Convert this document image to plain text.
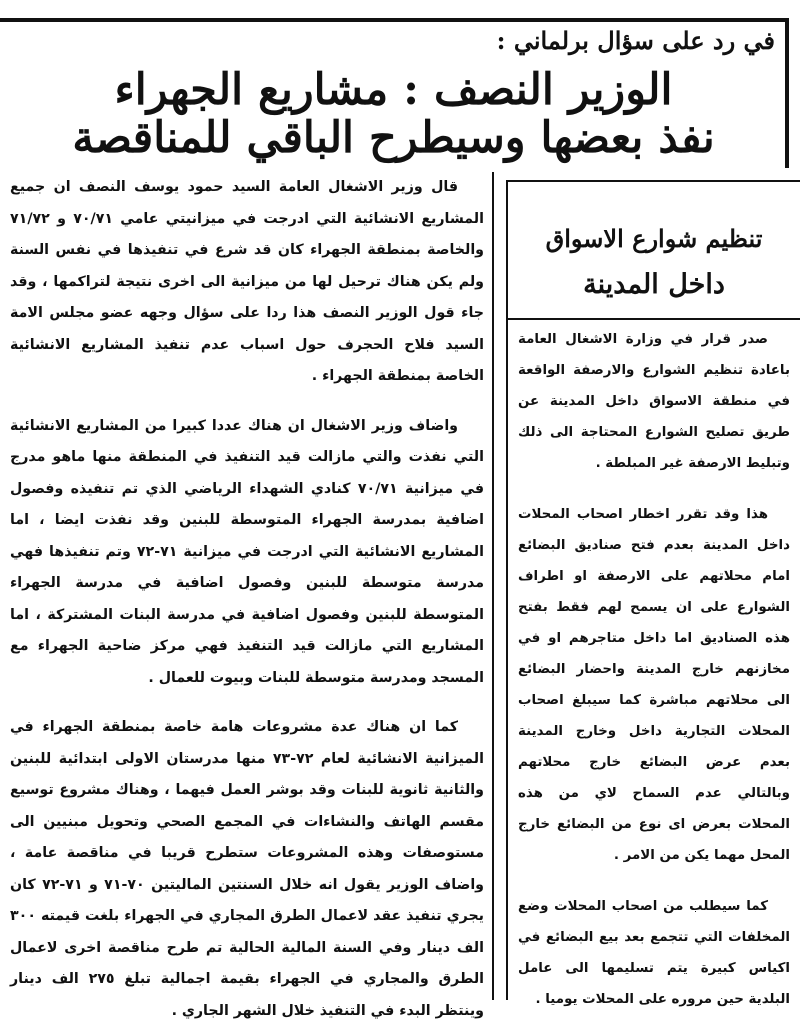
في رد على سؤال برلماني :
الوزير النصف : مشاريع الجهراء
نفذ بعضها وسيطرح الباقي للمناقصة

قال وزير الاشغال العامة السيد حمود يوسف النصف ان جميع المشاريع الانشائية التي ادرجت في ميزانيتي عامي ٧٠/٧١ و ٧١/٧٢ والخاصة بمنطقة الجهراء كان قد شرع في تنفيذها في نفس السنة ولم يكن هناك ترحيل لها من ميزانية الى اخرى نتيجة لتراكمها ، وقد جاء قول الوزير النصف هذا ردا على سؤال وجهه عضو مجلس الامة السيد فلاح الحجرف حول اسباب عدم تنفيذ المشاريع الانشائية الخاصة بمنطقة الجهراء .

واضاف وزير الاشغال ان هناك عددا كبيرا من المشاريع الانشائية التي نفذت والتي مازالت قيد التنفيذ في المنطقة منها ماهو مدرج في ميزانية ٧٠/٧١ كنادي الشهداء الرياضي الذي تم تنفيذه وفصول اضافية بمدرسة الجهراء المتوسطة للبنين وقد نفذت ايضا ، اما المشاريع الانشائية التي ادرجت في ميزانية ٧١-٧٢ وتم تنفيذها فهي مدرسة متوسطة للبنين وفصول اضافية في مدرسة الجهراء المتوسطة للبنين وفصول اضافية في مدرسة البنات المشتركة ، اما المشاريع التي مازالت قيد التنفيذ فهي مركز ضاحية الجهراء مع المسجد ومدرسة متوسطة للبنات وبيوت للعمال .

كما ان هناك عدة مشروعات هامة خاصة بمنطقة الجهراء في الميزانية الانشائية لعام ٧٢-٧٣ منها مدرستان الاولى ابتدائية للبنين والثانية ثانوية للبنات وقد بوشر العمل فيهما ، وهناك مشروع توسيع مقسم الهاتف والنشاءات في المجمع الصحي وتحويل مبنيين الى مستوصفات وهذه المشروعات ستطرح قريبا في مناقصة عامة ، واضاف الوزير يقول انه خلال السنتين الماليتين ٧٠-٧١ و ٧١-٧٢ كان يجري تنفيذ عقد لاعمال الطرق المجاري في الجهراء بلغت قيمته ٣٠٠ الف دينار وفي السنة المالية الحالية تم طرح مناقصة اخرى لاعمال الطرق والمجاري في الجهراء بقيمة اجمالية تبلغ ٢٧٥ الف دينار وينتظر البدء في التنفيذ خلال الشهر الجاري .

تنظيم شوارع الاسواق
داخل المدينة

صدر قرار في وزارة الاشغال العامة باعادة تنظيم الشوارع والارصفة الواقعة في منطقة الاسواق داخل المدينة عن طريق تصليح الشوارع المحتاجة الى ذلك وتبليط الارصفة غير المبلطة .

هذا وقد تقرر اخطار اصحاب المحلات داخل المدينة بعدم فتح صناديق البضائع امام محلاتهم على الارصفة او اطراف الشوارع على ان يسمح لهم فقط بفتح هذه الصناديق اما داخل متاجرهم او في مخازنهم خارج المدينة واحضار البضائع الى محلاتهم مباشرة كما سيبلغ اصحاب المحلات التجارية داخل وخارج المدينة بعدم عرض البضائع خارج محلاتهم وبالتالي عدم السماح لاي من هذه المحلات بعرض اى نوع من البضائع خارج المحل مهما يكن من الامر .

كما سيطلب من اصحاب المحلات وضع المخلفات التي تتجمع بعد بيع البضائع في اكياس كبيرة يتم تسليمها الى عامل البلدية حين مروره على المحلات يوميا .
